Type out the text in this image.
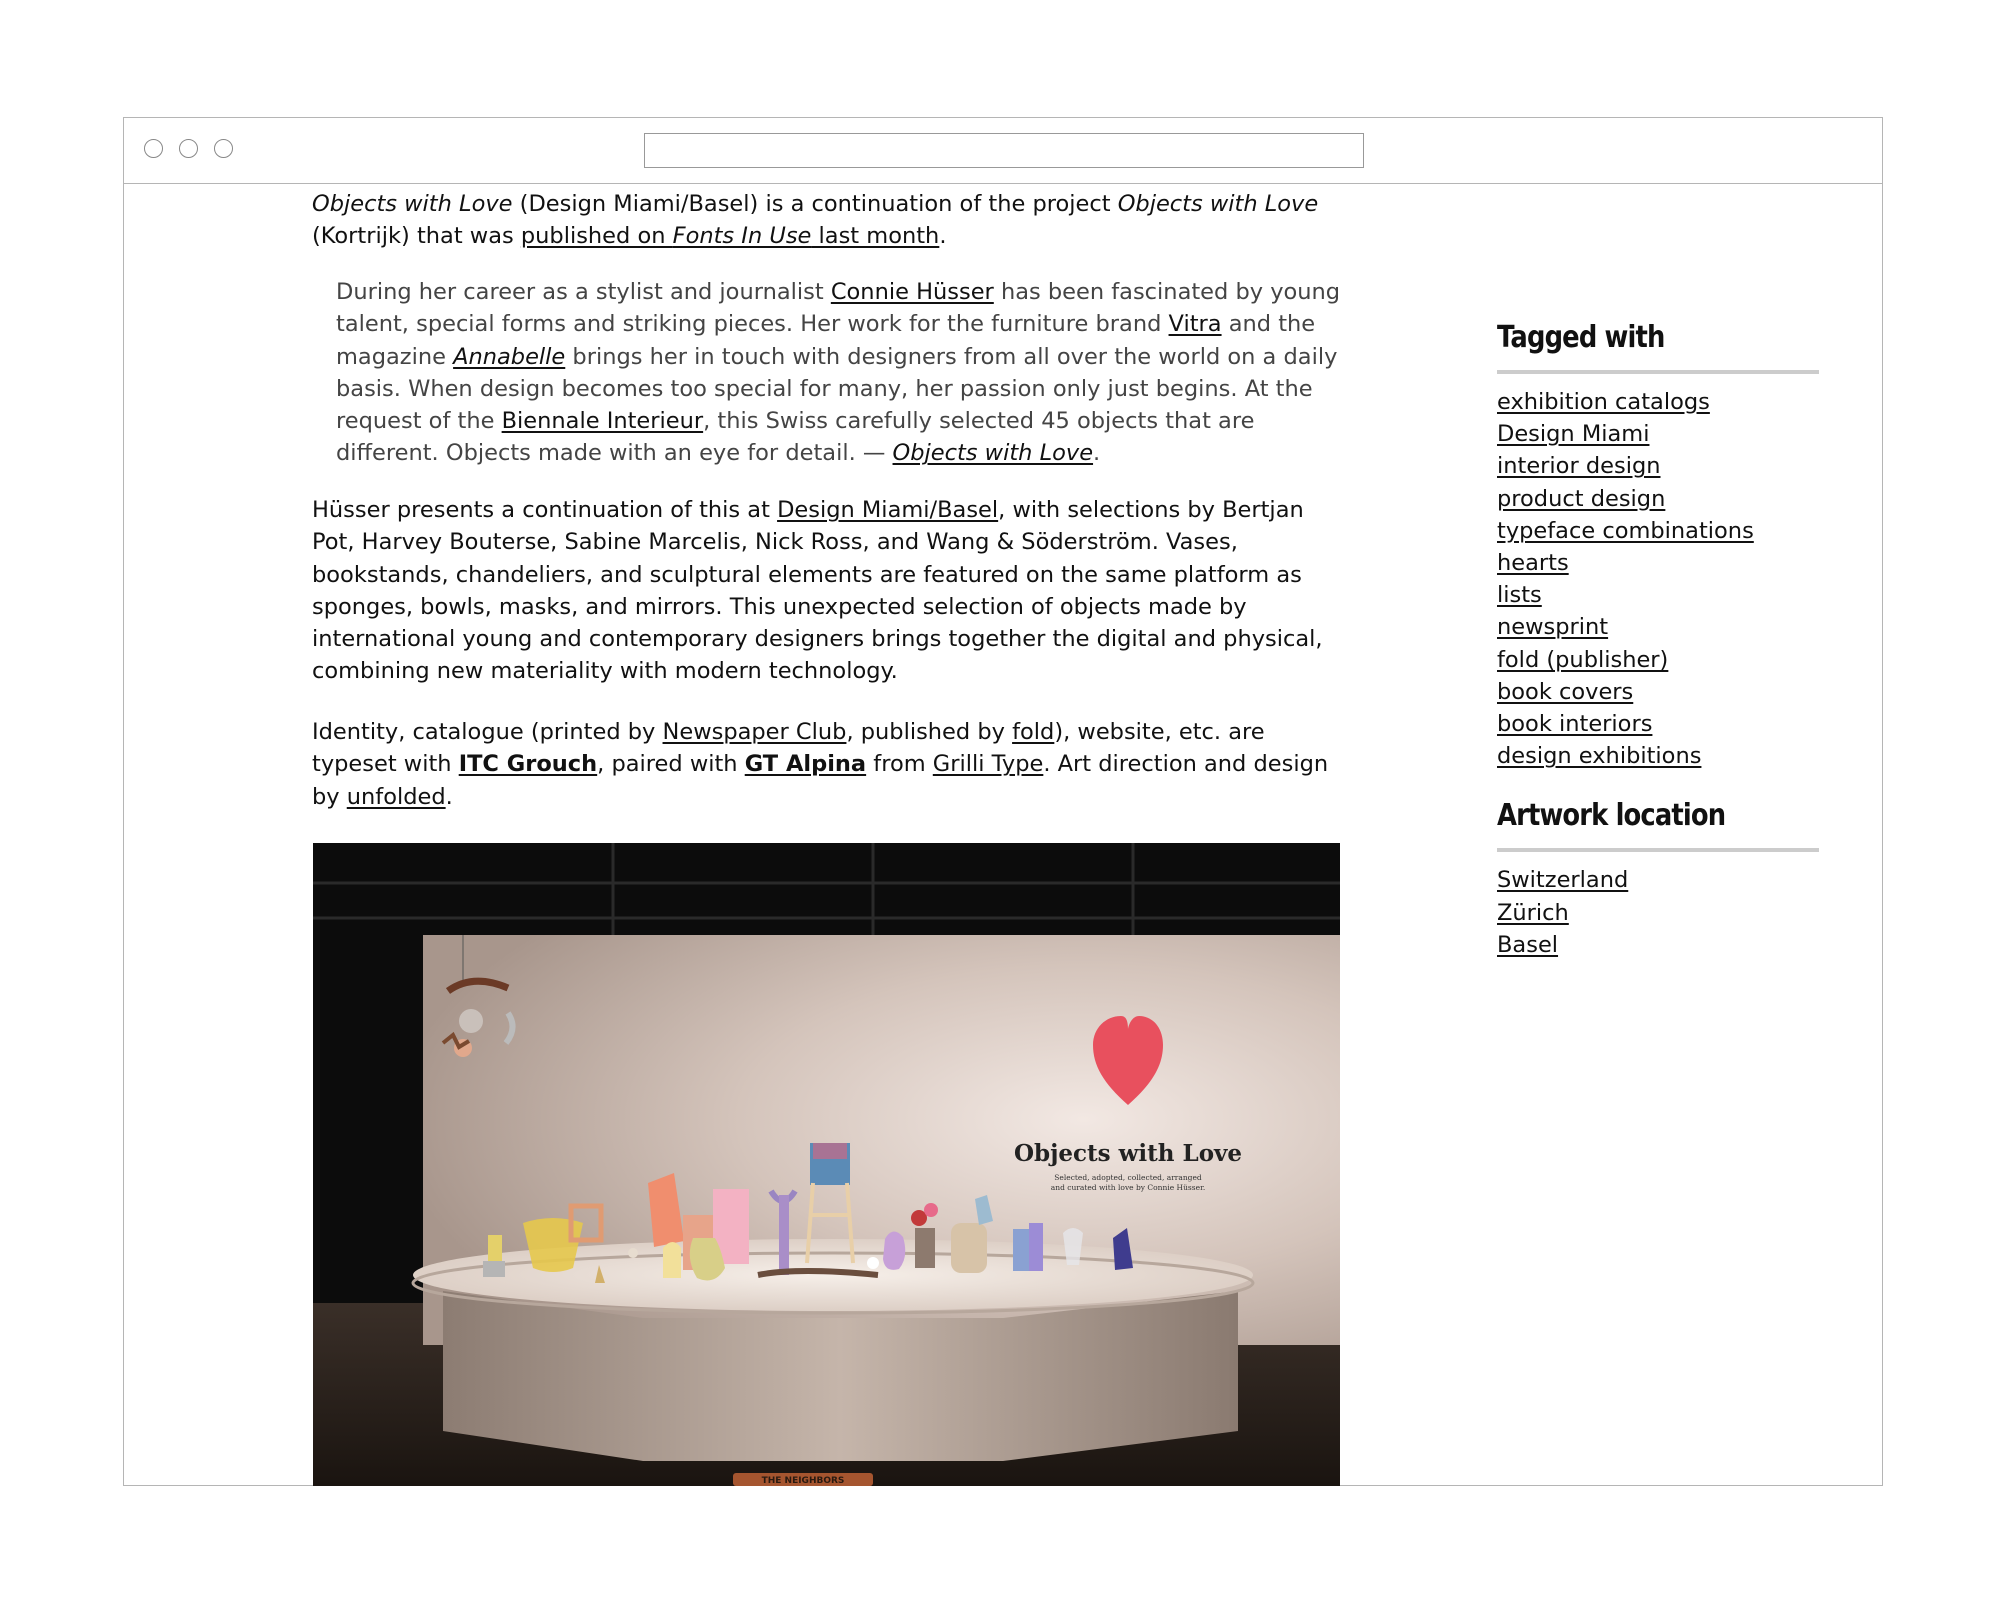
Objects with Love (Design Miami/Basel) is a continuation of the project Objects with Love (Kortrijk) that was published on Fonts In Use last month.

During her career as a stylist and journalist Connie Hüsser has been fascinated by young talent, special forms and striking pieces. Her work for the furniture brand Vitra and the magazine Annabelle brings her in touch with designers from all over the world on a daily basis. When design becomes too special for many, her passion only just begins. At the request of the Biennale Interieur, this Swiss carefully selected 45 objects that are different. Objects made with an eye for detail. — Objects with Love.

Hüsser presents a continuation of this at Design Miami/Basel, with selections by Bertjan Pot, Harvey Bouterse, Sabine Marcelis, Nick Ross, and Wang & Söderström. Vases, bookstands, chandeliers, and sculptural elements are featured on the same platform as sponges, bowls, masks, and mirrors. This unexpected selection of objects made by international young and contemporary designers brings together the digital and physical, combining new materiality with modern technology.

Identity, catalogue (printed by Newspaper Club, published by fold), website, etc. are typeset with ITC Grouch, paired with GT Alpina from Grilli Type. Art direction and design by unfolded.

Tagged with
exhibition catalogs
Design Miami
interior design
product design
typeface combinations
hearts
lists
newsprint
fold (publisher)
book covers
book interiors
design exhibitions
Artwork location
Switzerland
Zürich
Basel
Objects with Love
Selected, adopted, collected, arranged
and curated with love by Connie Hüsser.
THE NEIGHBORS
